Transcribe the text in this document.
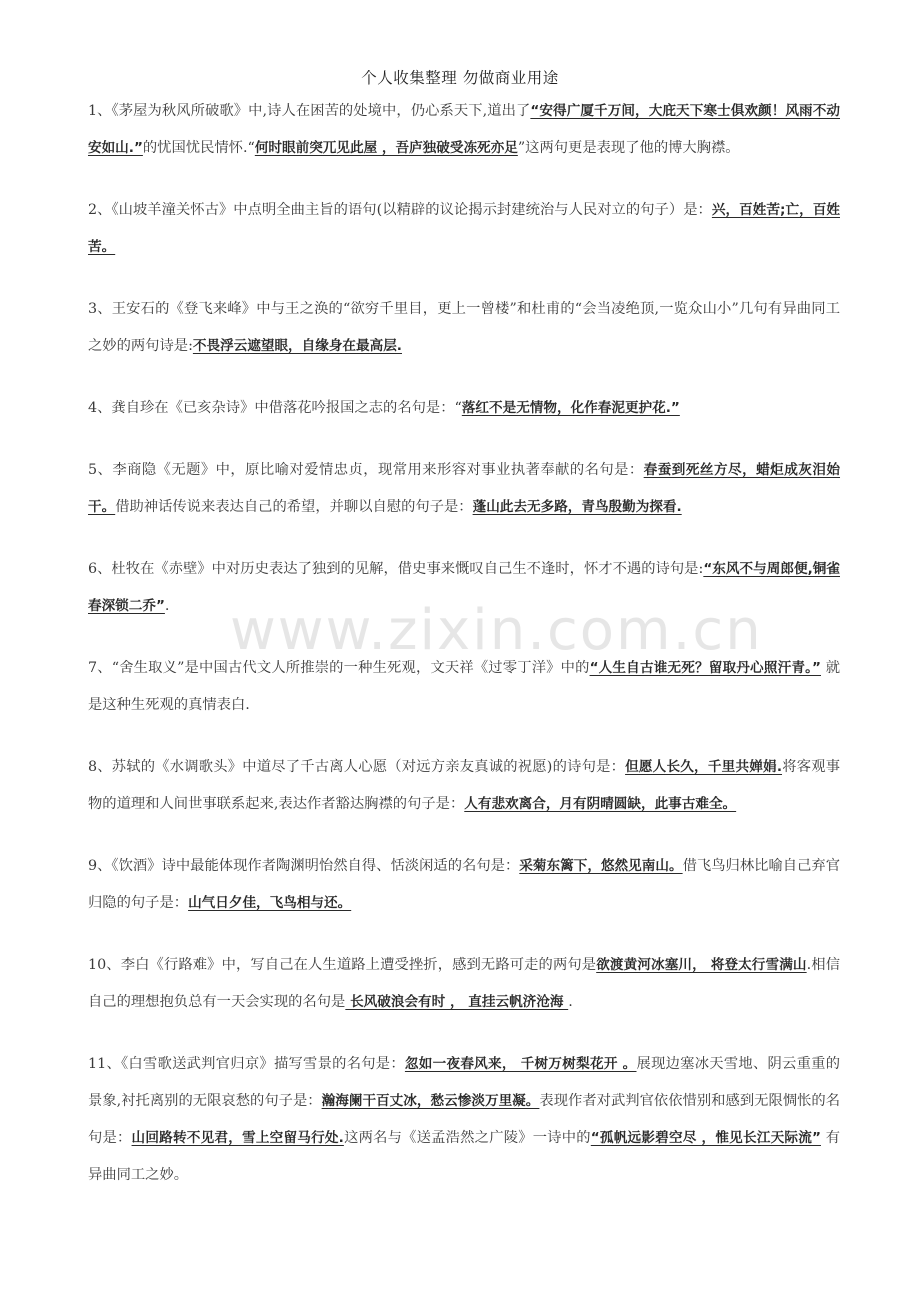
个人收集整理 勿做商业用途
www.zixin.com.cn

1、《茅屋为秋风所破歌》中,诗人在困苦的处境中，仍心系天下,道出了“安得广厦千万间，大庇天下寒士俱欢颜！风雨不动安如山.”的忧国忧民情怀.“何时眼前突兀见此屋 ，吾庐独破受冻死亦足”这两句更是表现了他的博大胸襟。

2、《山坡羊潼关怀古》中点明全曲主旨的语句(以精辟的议论揭示封建统治与人民对立的句子）是：兴，百姓苦;亡，百姓苦。

3、王安石的《登飞来峰》中与王之涣的“欲穷千里目，更上一曾楼”和杜甫的“会当凌绝顶,一览众山小”几句有异曲同工之妙的两句诗是:不畏浮云遮望眼，自缘身在最高层.

4、龚自珍在《已亥杂诗》中借落花吟报国之志的名句是：“落红不是无情物，化作春泥更护花.”

5、李商隐《无题》中，原比喻对爱情忠贞，现常用来形容对事业执著奉献的名句是：春蚕到死丝方尽，蜡炬成灰泪始干。借助神话传说来表达自己的希望，并聊以自慰的句子是：蓬山此去无多路，青鸟殷勤为探看.

6、杜牧在《赤壁》中对历史表达了独到的见解，借史事来慨叹自己生不逢时，怀才不遇的诗句是:“东风不与周郎便,铜雀春深锁二乔”.

7、“舍生取义”是中国古代文人所推崇的一种生死观，文天祥《过零丁洋》中的“人生自古谁无死？留取丹心照汗青。” 就是这种生死观的真情表白.

8、苏轼的《水调歌头》中道尽了千古离人心愿（对远方亲友真诚的祝愿)的诗句是：但愿人长久，千里共婵娟.将客观事物的道理和人间世事联系起来,表达作者豁达胸襟的句子是：人有悲欢离合，月有阴晴圆缺，此事古难全。

9、《饮酒》诗中最能体现作者陶渊明怡然自得、恬淡闲适的名句是：采菊东篱下，悠然见南山。借飞鸟归林比喻自己弃官归隐的句子是：山气日夕佳，飞鸟相与还。

10、李白《行路难》中，写自己在人生道路上遭受挫折，感到无路可走的两句是欲渡黄河冰塞川， 将登太行雪满山.相信自己的理想抱负总有一天会实现的名句是 长风破浪会有时 ， 直挂云帆济沧海 .

11、《白雪歌送武判官归京》描写雪景的名句是：忽如一夜春风来， 千树万树梨花开 。展现边塞冰天雪地、阴云重重的景象,衬托离别的无限哀愁的句子是：瀚海阑干百丈冰，愁云惨淡万里凝。表现作者对武判官依依惜别和感到无限惆怅的名句是：山回路转不见君，雪上空留马行处.这两名与《送孟浩然之广陵》一诗中的“孤帆远影碧空尽 ，惟见长江天际流” 有异曲同工之妙。
